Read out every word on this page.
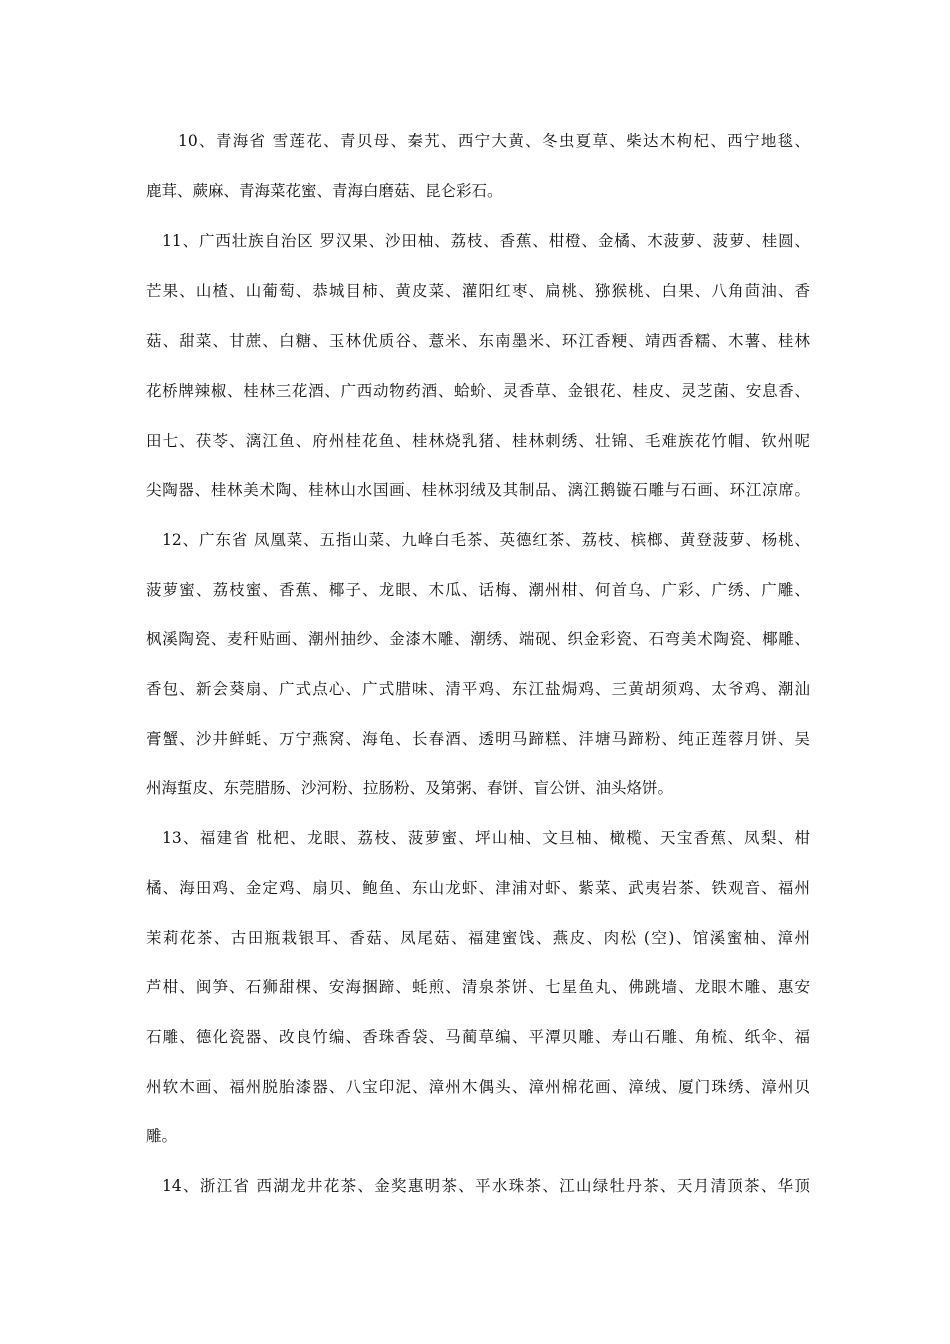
10、青海省 雪莲花、青贝母、秦艽、西宁大黄、冬虫夏草、柴达木枸杞、西宁地毯、

鹿茸、蕨麻、青海菜花蜜、青海白磨菇、昆仑彩石。

11、广西壮族自治区 罗汉果、沙田柚、荔枝、香蕉、柑橙、金橘、木菠萝、菠萝、桂圆、

芒果、山楂、山葡萄、恭城目柿、黄皮菜、灌阳红枣、扁桃、猕猴桃、白果、八角茴油、香

菇、甜菜、甘蔗、白糖、玉林优质谷、薏米、东南墨米、环江香粳、靖西香糯、木薯、桂林

花桥牌辣椒、桂林三花酒、广西动物药酒、蛤蚧、灵香草、金银花、桂皮、灵芝菌、安息香、

田七、茯苓、漓江鱼、府州桂花鱼、桂林烧乳猪、桂林刺绣、壮锦、毛难族花竹帽、钦州呢

尖陶器、桂林美术陶、桂林山水国画、桂林羽绒及其制品、漓江鹅镟石雕与石画、环江凉席。

12、广东省 凤凰菜、五指山菜、九峰白毛茶、英德红茶、荔枝、槟榔、黄登菠萝、杨桃、

菠萝蜜、荔枝蜜、香蕉、椰子、龙眼、木瓜、话梅、潮州柑、何首乌、广彩、广绣、广雕、

枫溪陶瓷、麦秆贴画、潮州抽纱、金漆木雕、潮绣、端砚、织金彩瓷、石弯美术陶瓷、椰雕、

香包、新会葵扇、广式点心、广式腊味、清平鸡、东江盐焗鸡、三黄胡须鸡、太爷鸡、潮汕

膏蟹、沙井鲜蚝、万宁燕窝、海龟、长春酒、透明马蹄糕、沣塘马蹄粉、纯正莲蓉月饼、吴

州海蜇皮、东莞腊肠、沙河粉、拉肠粉、及第粥、春饼、盲公饼、油头烙饼。

13、福建省 枇杷、龙眼、荔枝、菠萝蜜、坪山柚、文旦柚、橄榄、天宝香蕉、凤梨、柑

橘、海田鸡、金定鸡、扇贝、鲍鱼、东山龙虾、津浦对虾、紫菜、武夷岩茶、铁观音、福州

茉莉花茶、古田瓶栽银耳、香菇、凤尾菇、福建蜜饯、燕皮、肉松 (空)、馆溪蜜柚、漳州

芦柑、闽笋、石狮甜棵、安海捆蹄、蚝煎、清泉茶饼、七星鱼丸、佛跳墙、龙眼木雕、惠安

石雕、德化瓷器、改良竹编、香珠香袋、马蔺草编、平潭贝雕、寿山石雕、角梳、纸伞、福

州软木画、福州脱胎漆器、八宝印泥、漳州木偶头、漳州棉花画、漳绒、厦门珠绣、漳州贝

雕。

14、浙江省 西湖龙井花茶、金奖惠明茶、平水珠茶、江山绿牡丹茶、天月清顶茶、华顶
